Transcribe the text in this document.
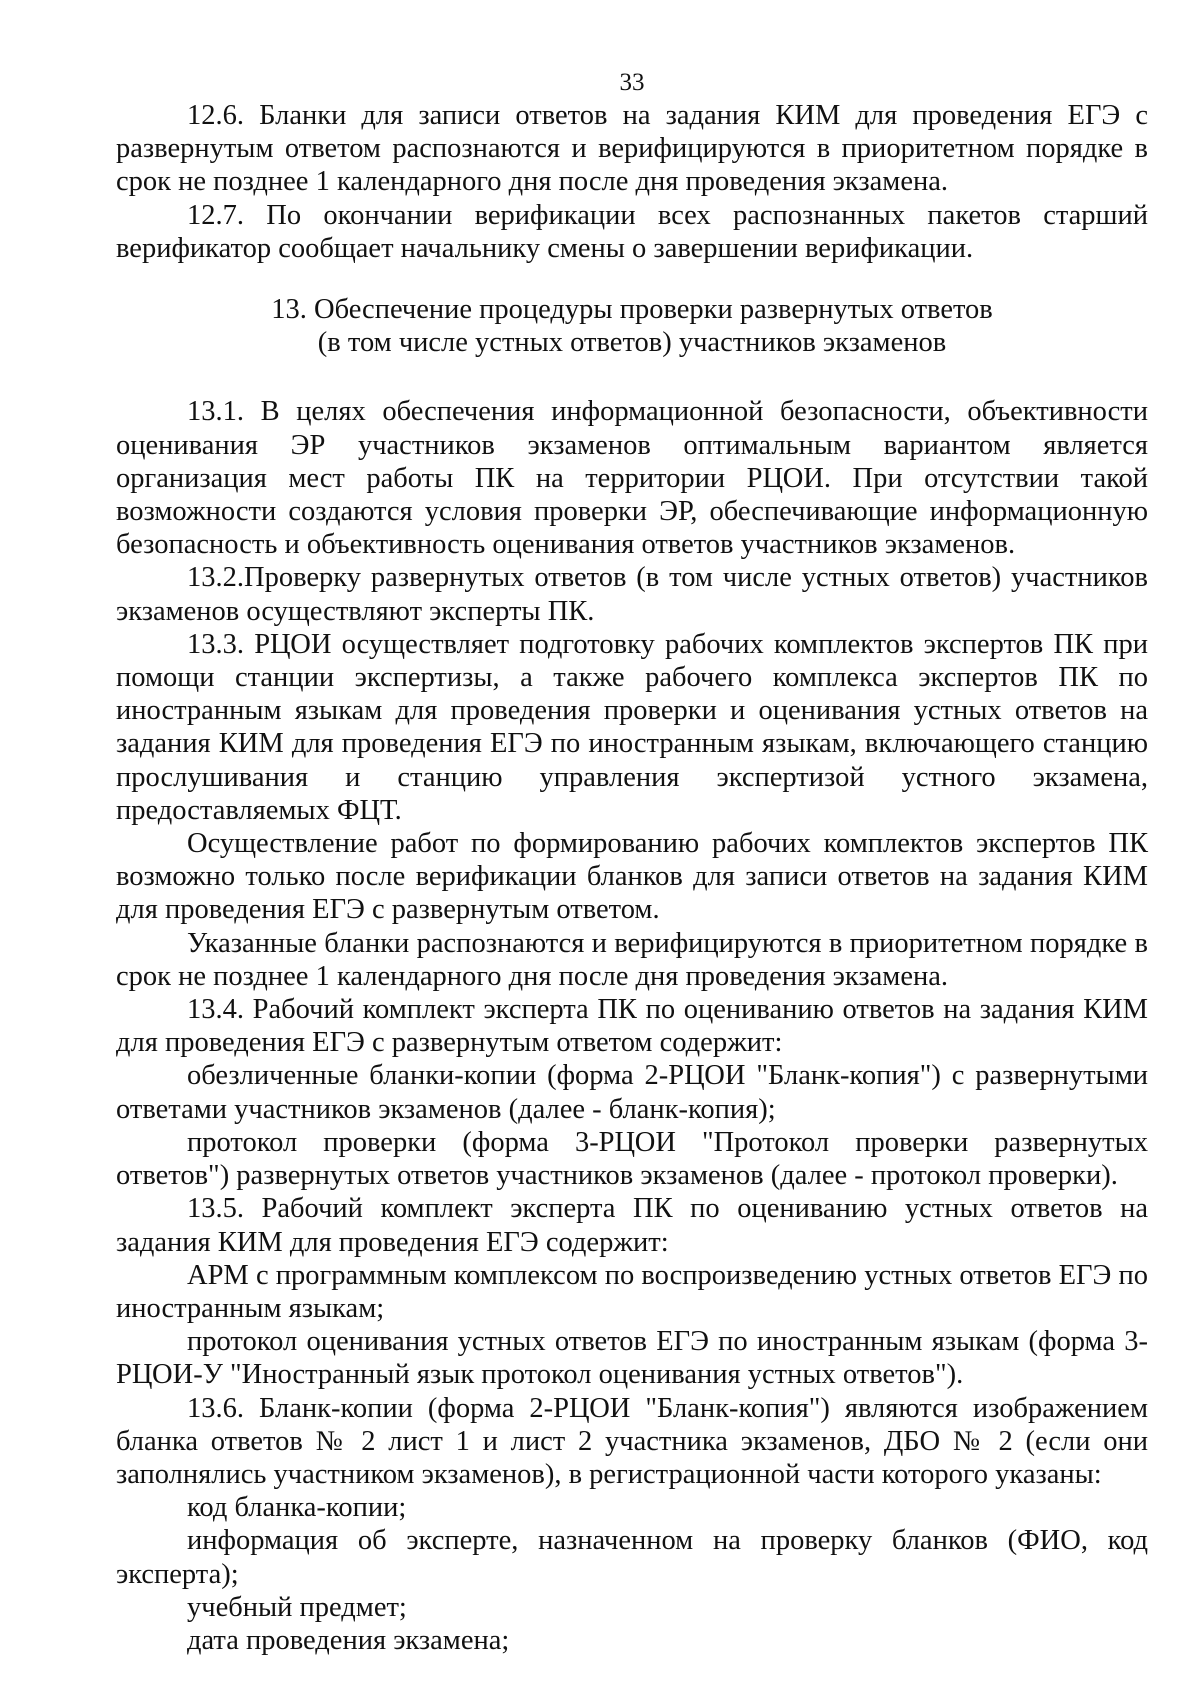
33

12.6. Бланки для записи ответов на задания КИМ для проведения ЕГЭ с развернутым ответом распознаются и верифицируются в приоритетном порядке в срок не позднее 1 календарного дня после дня проведения экзамена.

12.7. По окончании верификации всех распознанных пакетов старший верификатор сообщает начальнику смены о завершении верификации.

13. Обеспечение процедуры проверки развернутых ответов
(в том числе устных ответов) участников экзаменов

13.1. В целях обеспечения информационной безопасности, объективности оценивания ЭР участников экзаменов оптимальным вариантом является организация мест работы ПК на территории РЦОИ. При отсутствии такой возможности создаются условия проверки ЭР, обеспечивающие информационную безопасность и объективность оценивания ответов участников экзаменов.

13.2.Проверку развернутых ответов (в том числе устных ответов) участников экзаменов осуществляют эксперты ПК.

13.3. РЦОИ осуществляет подготовку рабочих комплектов экспертов ПК при помощи станции экспертизы, а также рабочего комплекса экспертов ПК по иностранным языкам для проведения проверки и оценивания устных ответов на задания КИМ для проведения ЕГЭ по иностранным языкам, включающего станцию прослушивания и станцию управления экспертизой устного экзамена, предоставляемых ФЦТ.

Осуществление работ по формированию рабочих комплектов экспертов ПК возможно только после верификации бланков для записи ответов на задания КИМ для проведения ЕГЭ с развернутым ответом.

Указанные бланки распознаются и верифицируются в приоритетном порядке в срок не позднее 1 календарного дня после дня проведения экзамена.

13.4. Рабочий комплект эксперта ПК по оцениванию ответов на задания КИМ для проведения ЕГЭ с развернутым ответом содержит:

обезличенные бланки-копии (форма 2-РЦОИ "Бланк-копия") с развернутыми ответами участников экзаменов (далее - бланк-копия);

протокол проверки (форма 3-РЦОИ "Протокол проверки развернутых ответов") развернутых ответов участников экзаменов (далее - протокол проверки).

13.5. Рабочий комплект эксперта ПК по оцениванию устных ответов на задания КИМ для проведения ЕГЭ содержит:

АРМ с программным комплексом по воспроизведению устных ответов ЕГЭ по иностранным языкам;

протокол оценивания устных ответов ЕГЭ по иностранным языкам (форма 3-РЦОИ-У "Иностранный язык протокол оценивания устных ответов").

13.6. Бланк-копии (форма 2-РЦОИ "Бланк-копия") являются изображением бланка ответов № 2 лист 1 и лист 2 участника экзаменов, ДБО № 2 (если они заполнялись участником экзаменов), в регистрационной части которого указаны:

код бланка-копии;

информация об эксперте, назначенном на проверку бланков (ФИО, код эксперта);

учебный предмет;

дата проведения экзамена;
